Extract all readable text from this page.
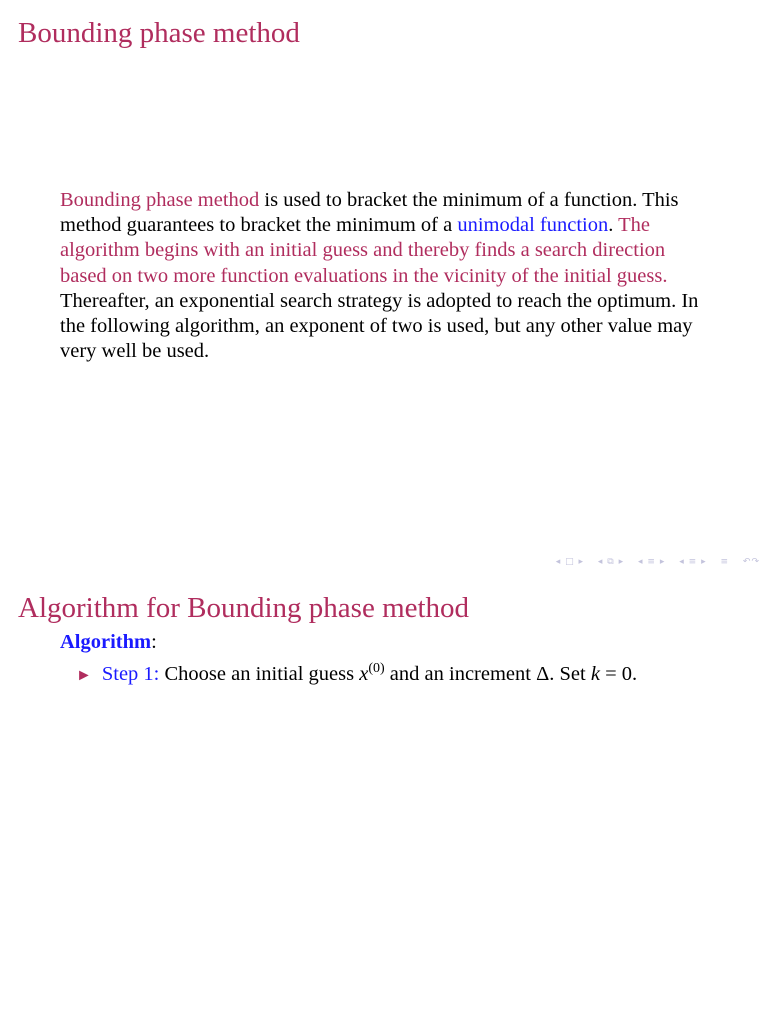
Bounding phase method
Bounding phase method is used to bracket the minimum of a function. This method guarantees to bracket the minimum of a unimodal function. The algorithm begins with an initial guess and thereby finds a search direction based on two more function evaluations in the vicinity of the initial guess. Thereafter, an exponential search strategy is adopted to reach the optimum. In the following algorithm, an exponent of two is used, but any other value may very well be used.
◂ □ ▸ ◂ ⧉ ▸ ◂ ≡ ▸ ◂ ≡ ▸ ≡ ↶↷
Algorithm for Bounding phase method
Algorithm:
► Step 1: Choose an initial guess $x^{(0)}$ and an increment Δ. Set k = 0.
